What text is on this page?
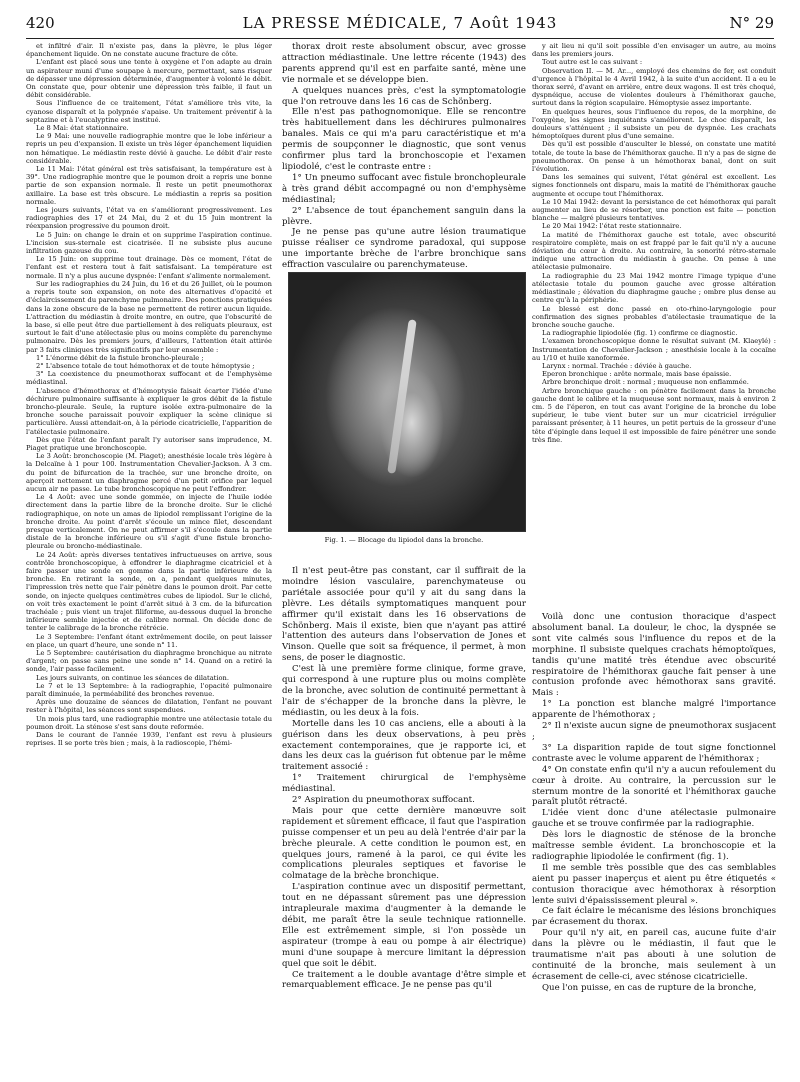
420	LA PRESSE MÉDICALE, 7 Août 1943	N° 29

et infiltré d'air. Il n'existe pas, dans la plèvre, le plus léger épanchement liquide. On ne constate aucune fracture de côte.

L'enfant est placé sous une tente à oxygène et l'on adapte au drain un aspirateur muni d'une soupape à mercure, permettant, sans risquer de dépasser une dépression déterminée, d'augmenter à volonté le débit. On constate que, pour obtenir une dépression très faible, il faut un débit considérable.

Sous l'influence de ce traitement, l'état s'améliore très vite, la cyanose disparaît et la polypnée s'apaise. Un traitement préventif à la septazine et à l'eucalyptine est institué.

Le 8 Mai: état stationnaire.

Le 9 Mai: une nouvelle radiographie montre que le lobe inférieur a repris un peu d'expansion. Il existe un très léger épanchement liquidien non hématique. Le médiastin reste dévié à gauche. Le débit d'air reste considérable.

Le 11 Mai: l'état général est très satisfaisant, la température est à 39°. Une radiographie montre que le poumon droit a repris une bonne partie de son expansion normale. Il reste un petit pneumothorax axillaire. La base est très obscure. Le médiastin a repris sa position normale.

Les jours suivants, l'état va en s'améliorant progressivement. Les radiographies des 17 et 24 Mai, du 2 et du 15 Juin montrent la réexpansion progressive du poumon droit.

Le 5 Juin: on change le drain et on supprime l'aspiration continue. L'incision sus-sternale est cicatrisée. Il ne subsiste plus aucune infiltration gazeuse du cou.

Le 15 Juin: on supprime tout drainage. Dès ce moment, l'état de l'enfant est et restera tout à fait satisfaisant. La température est normale. Il n'y a plus aucune dyspnée: l'enfant s'alimente normalement.

Sur les radiographies du 24 Juin, du 16 et du 26 Juillet, où le poumon a repris toute son expansion, on note des alternatives d'opacité et d'éclaircissement du parenchyme pulmonaire. Des ponctions pratiquées dans la zone obscure de la base ne permettent de retirer aucun liquide. L'attraction du médiastin à droite montre, en outre, que l'obscurité de la base, si elle peut être due partiellement à des reliquats pleuraux, est surtout le fait d'une atélectasie plus ou moins complète du parenchyme pulmonaire. Dès les premiers jours, d'ailleurs, l'attention était attirée par 3 faits cliniques très significatifs par leur ensemble :

1° L'énorme débit de la fistule broncho-pleurale ;

2° L'absence totale de tout hémothorax et de toute hémoptysie ;

3° La coexistence du pneumothorax suffocant et de l'emphysème médiastinal.

L'absence d'hémothorax et d'hémoptysie faisait écarter l'idée d'une déchirure pulmonaire suffisante à expliquer le gros débit de la fistule broncho-pleurale. Seule, la rupture isolée extra-pulmonaire de la bronche souche paraissait pouvoir expliquer la scène clinique si particulière. Aussi attendait-on, à la période cicatricielle, l'apparition de l'atélectasie pulmonaire.

Dès que l'état de l'enfant paraît l'y autoriser sans imprudence, M. Piaget pratique une bronchoscopie.

Le 3 Août: bronchoscopie (M. Piaget); anesthésie locale très légère à la Delcaïne à 1 pour 100. Instrumentation Chevalier-Jackson. À 3 cm. du point de bifurcation de la trachée, sur une bronche droite, on aperçoit nettement un diaphragme percé d'un petit orifice par lequel aucun air ne passe. Le tube bronchoscopique ne peut l'effondrer.

Le 4 Août: avec une sonde gommée, on injecte de l'huile iodée directement dans la partie libre de la bronche droite. Sur le cliché radiographique, on note un amas de lipiodol remplissant l'origine de la bronche droite. Au point d'arrêt s'écoule un mince filet, descendant presque verticalement. On ne peut affirmer s'il s'écoule dans la partie distale de la bronche inférieure ou s'il s'agit d'une fistule broncho-pleurale ou broncho-médiastinale.

Le 24 Août: après diverses tentatives infructueuses on arrive, sous contrôle bronchoscopique, à effondrer le diaphragme cicatriciel et à faire passer une sonde en gomme dans la partie inférieure de la bronche. En retirant la sonde, on a, pendant quelques minutes, l'impression très nette que l'air pénètre dans le poumon droit. Par cette sonde, on injecte quelques centimètres cubes de lipiodol. Sur le cliché, on voit très exactement le point d'arrêt situé à 3 cm. de la bifurcation trachéale ; puis vient un trajet filiforme, au-dessous duquel la bronche inférieure semble injectée et de calibre normal. On décide donc de tenter le calibrage de la bronche rétrécie.

Le 3 Septembre: l'enfant étant extrêmement docile, on peut laisser en place, un quart d'heure, une sonde n° 11.

Le 5 Septembre: cautérisation du diaphragme bronchique au nitrate d'argent; on passe sans peine une sonde n° 14. Quand on a retiré la sonde, l'air passe facilement.

Les jours suivants, on continue les séances de dilatation.

Le 7 et le 13 Septembre: à la radiographie, l'opacité pulmonaire paraît diminuée, la perméabilité des bronches revenue.

Après une douzaine de séances de dilatation, l'enfant ne pouvant rester à l'hôpital, les séances sont suspendues.

Un mois plus tard, une radiographie montre une atélectasie totale du poumon droit. La sténose s'est sans doute reformée.

Dans le courant de l'année 1939, l'enfant est revu à plusieurs reprises. Il se porte très bien ; mais, à la radioscopie, l'hémi-

thorax droit reste absolument obscur, avec grosse attraction médiastinale. Une lettre récente (1943) des parents apprend qu'il est en parfaite santé, mène une vie normale et se développe bien.

A quelques nuances près, c'est la symptomatologie que l'on retrouve dans les 16 cas de Schönberg.

Elle n'est pas pathognomonique. Elle se rencontre très habituellement dans les déchirures pulmonaires banales. Mais ce qui m'a paru caractéristique et m'a permis de soupçonner le diagnostic, que sont venus confirmer plus tard la bronchoscopie et l'examen lipiodolé, c'est le contraste entre :

1° Un pneumo suffocant avec fistule bronchopleurale à très grand débit accompagné ou non d'emphysème médiastinal;

2° L'absence de tout épanchement sanguin dans la plèvre.

Je ne pense pas qu'une autre lésion traumatique puisse réaliser ce syndrome paradoxal, qui suppose une importante brèche de l'arbre bronchique sans effraction vasculaire ou parenchymateuse.

Fig. 1. — Blocage du lipiodol dans la bronche.

Il n'est peut-être pas constant, car il suffirait de la moindre lésion vasculaire, parenchymateuse ou pariétale associée pour qu'il y ait du sang dans la plèvre. Les détails symptomatiques manquent pour affirmer qu'il existait dans les 16 observations de Schönberg. Mais il existe, bien que n'ayant pas attiré l'attention des auteurs dans l'observation de Jones et Vinson. Quelle que soit sa fréquence, il permet, à mon sens, de poser le diagnostic.

C'est là une première forme clinique, forme grave, qui correspond à une rupture plus ou moins complète de la bronche, avec solution de continuité permettant à l'air de s'échapper de la bronche dans la plèvre, le médiastin, ou les deux à la fois.

Mortelle dans les 10 cas anciens, elle a abouti à la guérison dans les deux observations, à peu près exactement contemporaines, que je rapporte ici, et dans les deux cas la guérison fut obtenue par le même traitement associé :

1° Traitement chirurgical de l'emphysème médiastinal.

2° Aspiration du pneumothorax suffocant.

Mais pour que cette dernière manœuvre soit rapidement et sûrement efficace, il faut que l'aspiration puisse compenser et un peu au delà l'entrée d'air par la brèche pleurale. A cette condition le poumon est, en quelques jours, ramené à la paroi, ce qui évite les complications pleurales septiques et favorise le colmatage de la brèche bronchique.

L'aspiration continue avec un dispositif permettant, tout en ne dépassant sûrement pas une dépression intrapleurale maxima d'augmenter à la demande le débit, me paraît être la seule technique rationnelle. Elle est extrêmement simple, si l'on possède un aspirateur (trompe à eau ou pompe à air électrique) muni d'une soupape à mercure limitant la dépression quel que soit le débit.

Ce traitement a le double avantage d'être simple et remarquablement efficace. Je ne pense pas qu'il

y ait lieu ni qu'il soit possible d'en envisager un autre, au moins dans les premiers jours.

Tout autre est le cas suivant :

Observation II. — M. Ar..., employé des chemins de fer, est conduit d'urgence à l'hôpital le 4 Avril 1942, à la suite d'un accident. Il a eu le thorax serré, d'avant en arrière, entre deux wagons. Il est très choqué, dyspnéique, accuse de violentes douleurs à l'hémithorax gauche, surtout dans la région scapulaire. Hémoptysie assez importante.

En quelques heures, sous l'influence du repos, de la morphine, de l'oxygène, les signes inquiétants s'améliorent. Le choc disparaît, les douleurs s'atténuent ; il subsiste un peu de dyspnée. Les crachats hémoptoïques durent plus d'une semaine.

Dès qu'il est possible d'ausculter le blessé, on constate une matité totale, de toute la base de l'hémithorax gauche. Il n'y a pas de signe de pneumothorax. On pense à un hémothorax banal, dont on suit l'évolution.

Dans les semaines qui suivent, l'état général est excellent. Les signes fonctionnels ont disparu, mais la matité de l'hémithorax gauche augmente et occupe tout l'hémithorax.

Le 10 Mai 1942: devant la persistance de cet hémothorax qui paraît augmenter au lieu de se résorber, une ponction est faite — ponction blanche — malgré plusieurs tentatives.

Le 20 Mai 1942: l'état reste stationnaire.

La matité de l'hémithorax gauche est totale, avec obscurité respiratoire complète, mais on est frappé par le fait qu'il n'y a aucune déviation du cœur à droite. Au contraire, la sonorité rétro-sternale indique une attraction du médiastin à gauche. On pense à une atélectasie pulmonaire.

La radiographie du 23 Mai 1942 montre l'image typique d'une atélectasie totale du poumon gauche avec grosse altération médiastinale ; élévation du diaphragme gauche ; ombre plus dense au centre qu'à la périphérie.

Le blessé est donc passé en oto-rhino-laryngologie pour confirmation des signes probables d'atélectasie traumatique de la bronche souche gauche.

La radiographie lipiodolée (fig. 1) confirme ce diagnostic.

L'examen bronchoscopique donne le résultat suivant (M. Klaeylé) : Instrumentation de Chevalier-Jackson ; anesthésie locale à la cocaïne au 1/10 et huile xanoformée.

Larynx : normal. Trachée : déviée à gauche.

Eperon bronchique : arête normale, mais base épaissie.

Arbre bronchique droit : normal ; muqueuse non enflammée.

Arbre bronchique gauche : on pénètre facilement dans la bronche gauche dont le calibre et la muqueuse sont normaux, mais à environ 2 cm. 5 de l'éperon, en tout cas avant l'origine de la bronche du lobe supérieur, le tube vient buter sur un mur cicatriciel irrégulier paraissant présenter, à 11 heures, un petit pertuis de la grosseur d'une tête d'épingle dans lequel il est impossible de faire pénétrer une sonde très fine.

Voilà donc une contusion thoracique d'aspect absolument banal. La douleur, le choc, la dyspnée se sont vite calmés sous l'influence du repos et de la morphine. Il subsiste quelques crachats hémoptoïques, tandis qu'une matité très étendue avec obscurité respiratoire de l'hémithorax gauche fait penser à une contusion profonde avec hémothorax sans gravité. Mais :

1° La ponction est blanche malgré l'importance apparente de l'hémothorax ;

2° Il n'existe aucun signe de pneumothorax susjacent ;

3° La disparition rapide de tout signe fonctionnel contraste avec le volume apparent de l'hémithorax ;

4° On constate enfin qu'il n'y a aucun refoulement du cœur à droite. Au contraire, la percussion sur le sternum montre de la sonorité et l'hémithorax gauche paraît plutôt rétracté.

L'idée vient donc d'une atélectasie pulmonaire gauche et se trouve confirmée par la radiographie.

Dès lors le diagnostic de sténose de la bronche maîtresse semble évident. La bronchoscopie et la radiographie lipiodolée le confirment (fig. 1).

Il me semble très possible que des cas semblables aient pu passer inaperçus et aient pu être étiquetés « contusion thoracique avec hémothorax à résorption lente suivi d'épaississement pleural ».

Ce fait éclaire le mécanisme des lésions bronchiques par écrasement du thorax.

Pour qu'il n'y ait, en pareil cas, aucune fuite d'air dans la plèvre ou le médiastin, il faut que le traumatisme n'ait pas abouti à une solution de continuité de la bronche, mais seulement à un écrasement de celle-ci, avec sténose cicatricielle.

Que l'on puisse, en cas de rupture de la bronche,
